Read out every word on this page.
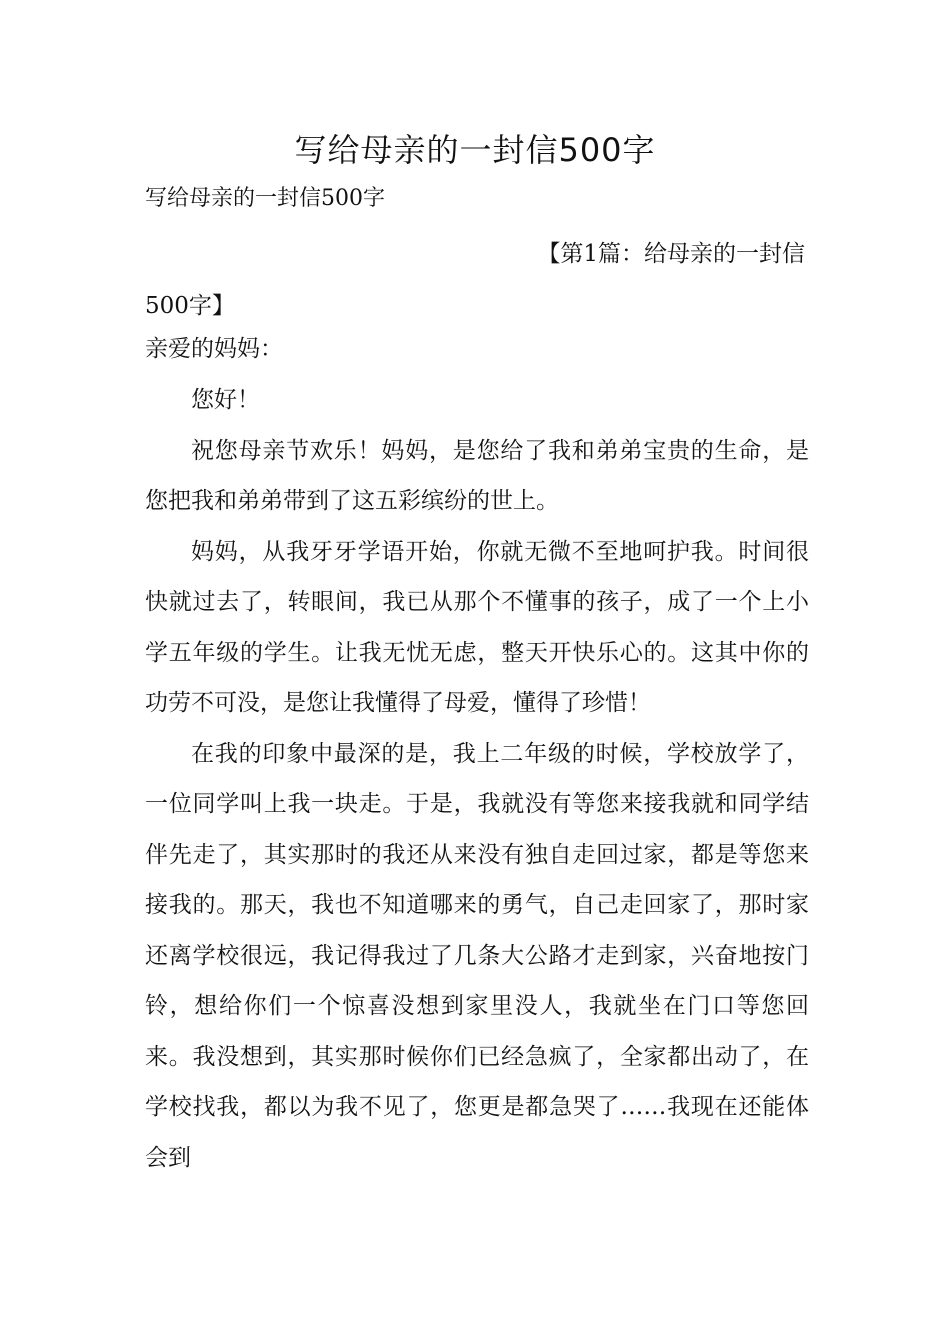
写给母亲的一封信500字
写给母亲的一封信500字
【第1篇：给母亲的一封信
500字】
亲爱的妈妈：

您好！

祝您母亲节欢乐！妈妈，是您给了我和弟弟宝贵的生命，是您把我和弟弟带到了这五彩缤纷的世上。

妈妈，从我牙牙学语开始，你就无微不至地呵护我。时间很快就过去了，转眼间，我已从那个不懂事的孩子，成了一个上小学五年级的学生。让我无忧无虑，整天开快乐心的。这其中你的功劳不可没，是您让我懂得了母爱，懂得了珍惜！

在我的印象中最深的是，我上二年级的时候，学校放学了，一位同学叫上我一块走。于是，我就没有等您来接我就和同学结伴先走了，其实那时的我还从来没有独自走回过家，都是等您来接我的。那天，我也不知道哪来的勇气，自己走回家了，那时家还离学校很远，我记得我过了几条大公路才走到家，兴奋地按门铃，想给你们一个惊喜没想到家里没人，我就坐在门口等您回来。我没想到，其实那时候你们已经急疯了，全家都出动了，在学校找我，都以为我不见了，您更是都急哭了……我现在还能体会到
